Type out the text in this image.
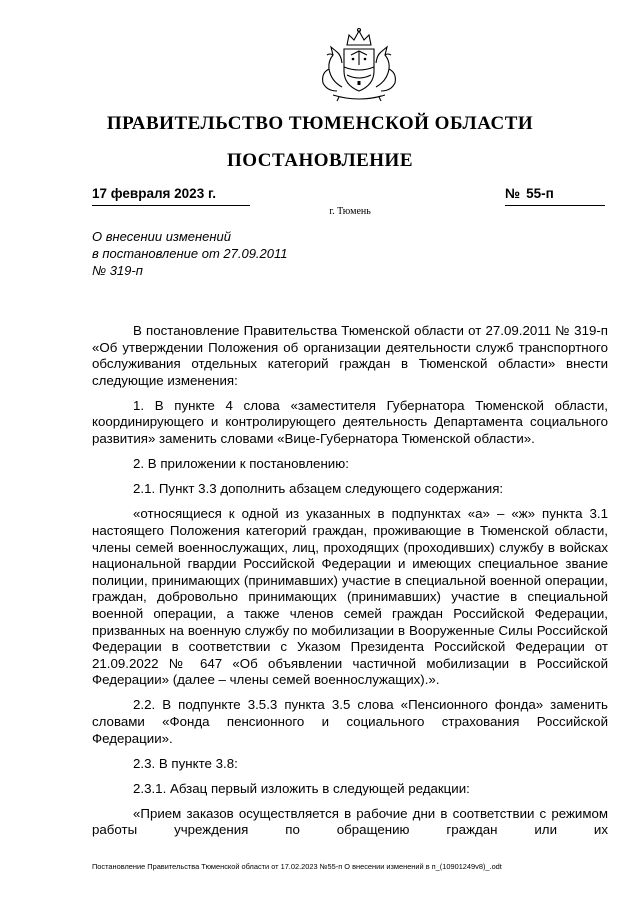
ПРАВИТЕЛЬСТВО ТЮМЕНСКОЙ ОБЛАСТИ
ПОСТАНОВЛЕНИЕ
17 февраля 2023 г.	№ 55-п
г. Тюмень
О внесении изменений
в постановление от 27.09.2011
№ 319-п

В постановление Правительства Тюменской области от 27.09.2011 № 319-п «Об утверждении Положения об организации деятельности служб транспортного обслуживания отдельных категорий граждан в Тюменской области» внести следующие изменения:

1. В пункте 4 слова «заместителя Губернатора Тюменской области, координирующего и контролирующего деятельность Департамента социального развития» заменить словами «Вице-Губернатора Тюменской области».

2. В приложении к постановлению:

2.1. Пункт 3.3 дополнить абзацем следующего содержания:

«относящиеся к одной из указанных в подпунктах «а» – «ж» пункта 3.1 настоящего Положения категорий граждан, проживающие в Тюменской области, члены семей военнослужащих, лиц, проходящих (проходивших) службу в войсках национальной гвардии Российской Федерации и имеющих специальное звание полиции, принимающих (принимавших) участие в специальной военной операции, граждан, добровольно принимающих (принимавших) участие в специальной военной операции, а также членов семей граждан Российской Федерации, призванных на военную службу по мобилизации в Вооруженные Силы Российской Федерации в соответствии с Указом Президента Российской Федерации от 21.09.2022 № 647 «Об объявлении частичной мобилизации в Российской Федерации» (далее – члены семей военнослужащих).».

2.2. В подпункте 3.5.3 пункта 3.5 слова «Пенсионного фонда» заменить словами «Фонда пенсионного и социального страхования Российской Федерации».

2.3. В пункте 3.8:

2.3.1. Абзац первый изложить в следующей редакции:

«Прием заказов осуществляется в рабочие дни в соответствии с режимом работы учреждения по обращению граждан или их

Постановление Правительства Тюменской области от 17.02.2023 №55-п О внесении изменений в п_(10901249v8)_.odt
